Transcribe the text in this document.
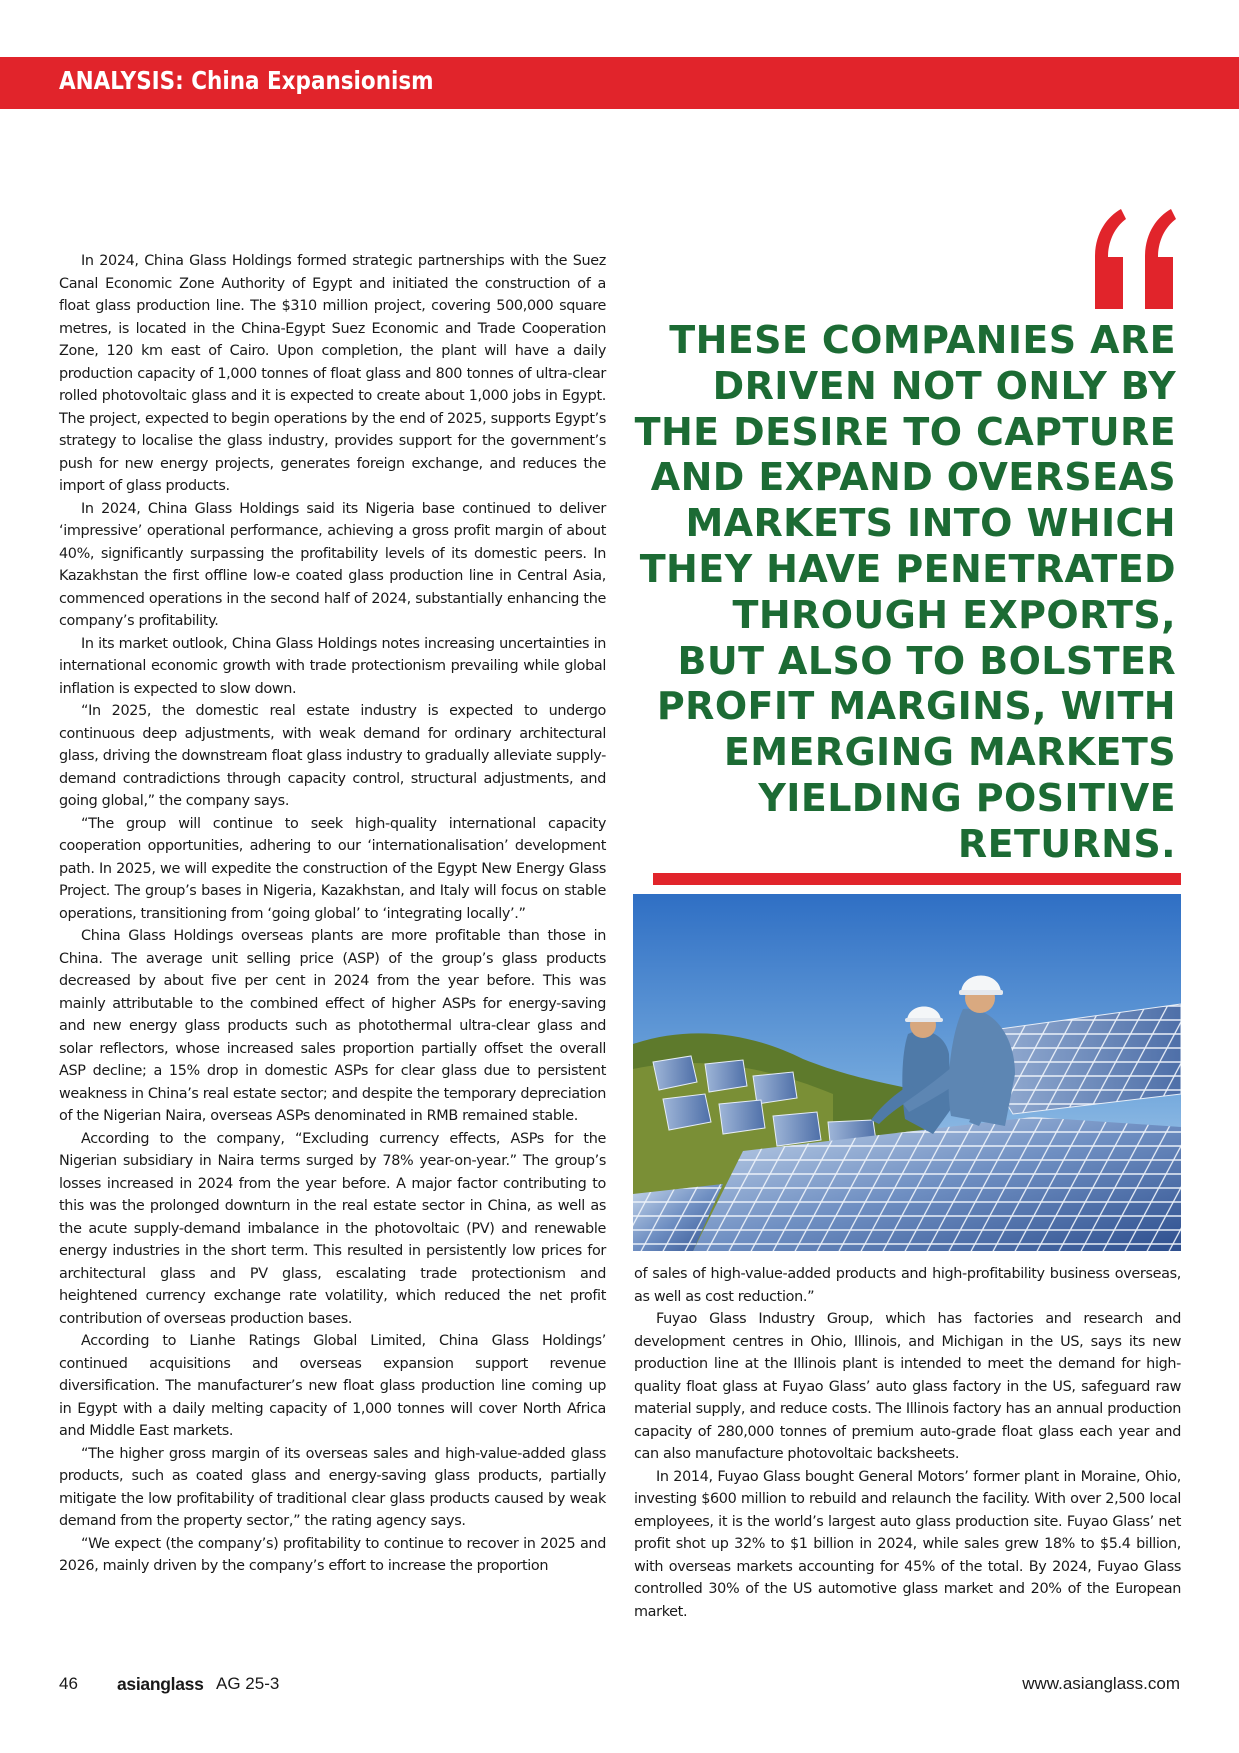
ANALYSIS: China Expansionism

In 2024, China Glass Holdings formed strategic partnerships with the Suez Canal Economic Zone Authority of Egypt and initiated the construction of a float glass production line. The $310 million project, covering 500,000 square metres, is located in the China-Egypt Suez Economic and Trade Cooperation Zone, 120 km east of Cairo. Upon completion, the plant will have a daily production capacity of 1,000 tonnes of float glass and 800 tonnes of ultra-clear rolled photovoltaic glass and it is expected to create about 1,000 jobs in Egypt. The project, expected to begin operations by the end of 2025, supports Egypt’s strategy to localise the glass industry, provides support for the government’s push for new energy projects, generates foreign exchange, and reduces the import of glass products.

In 2024, China Glass Holdings said its Nigeria base continued to deliver ‘impressive’ operational performance, achieving a gross profit margin of about 40%, significantly surpassing the profitability levels of its domestic peers. In Kazakhstan the first offline low-e coated glass production line in Central Asia, commenced operations in the second half of 2024, substantially enhancing the company’s profitability.

In its market outlook, China Glass Holdings notes increasing uncertainties in international economic growth with trade protectionism prevailing while global inflation is expected to slow down.

“In 2025, the domestic real estate industry is expected to undergo continuous deep adjustments, with weak demand for ordinary architectural glass, driving the downstream float glass industry to gradually alleviate supply-demand contradictions through capacity control, structural adjustments, and going global,” the company says.

“The group will continue to seek high-quality international capacity cooperation opportunities, adhering to our ‘internationalisation’ development path. In 2025, we will expedite the construction of the Egypt New Energy Glass Project. The group’s bases in Nigeria, Kazakhstan, and Italy will focus on stable operations, transitioning from ‘going global’ to ‘integrating locally’.”

China Glass Holdings overseas plants are more profitable than those in China. The average unit selling price (ASP) of the group’s glass products decreased by about five per cent in 2024 from the year before. This was mainly attributable to the combined effect of higher ASPs for energy-saving and new energy glass products such as photothermal ultra-clear glass and solar reflectors, whose increased sales proportion partially offset the overall ASP decline; a 15% drop in domestic ASPs for clear glass due to persistent weakness in China’s real estate sector; and despite the temporary depreciation of the Nigerian Naira, overseas ASPs denominated in RMB remained stable.

According to the company, “Excluding currency effects, ASPs for the Nigerian subsidiary in Naira terms surged by 78% year-on-year.” The group’s losses increased in 2024 from the year before. A major factor contributing to this was the prolonged downturn in the real estate sector in China, as well as the acute supply-demand imbalance in the photovoltaic (PV) and renewable energy industries in the short term. This resulted in persistently low prices for architectural glass and PV glass, escalating trade protectionism and heightened currency exchange rate volatility, which reduced the net profit contribution of overseas production bases.

According to Lianhe Ratings Global Limited, China Glass Holdings’ continued acquisitions and overseas expansion support revenue diversification. The manufacturer’s new float glass production line coming up in Egypt with a daily melting capacity of 1,000 tonnes will cover North Africa and Middle East markets.

“The higher gross margin of its overseas sales and high-value-added glass products, such as coated glass and energy-saving glass products, partially mitigate the low profitability of traditional clear glass products caused by weak demand from the property sector,” the rating agency says.

“We expect (the company’s) profitability to continue to recover in 2025 and 2026, mainly driven by the company’s effort to increase the proportion

THESE COMPANIES ARE
DRIVEN NOT ONLY BY
THE DESIRE TO CAPTURE
AND EXPAND OVERSEAS
MARKETS INTO WHICH
THEY HAVE PENETRATED
THROUGH EXPORTS,
BUT ALSO TO BOLSTER
PROFIT MARGINS, WITH
EMERGING MARKETS
YIELDING POSITIVE
RETURNS.

of sales of high-value-added products and high-profitability business overseas, as well as cost reduction.”

Fuyao Glass Industry Group, which has factories and research and development centres in Ohio, Illinois, and Michigan in the US, says its new production line at the Illinois plant is intended to meet the demand for high-quality float glass at Fuyao Glass’ auto glass factory in the US, safeguard raw material supply, and reduce costs. The Illinois factory has an annual production capacity of 280,000 tonnes of premium auto-grade float glass each year and can also manufacture photovoltaic backsheets.

In 2014, Fuyao Glass bought General Motors’ former plant in Moraine, Ohio, investing $600 million to rebuild and relaunch the facility. With over 2,500 local employees, it is the world’s largest auto glass production site. Fuyao Glass’ net profit shot up 32% to $1 billion in 2024, while sales grew 18% to $5.4 billion, with overseas markets accounting for 45% of the total. By 2024, Fuyao Glass controlled 30% of the US automotive glass market and 20% of the European market.

46 asianglass AG 25-3	www.asianglass.com
